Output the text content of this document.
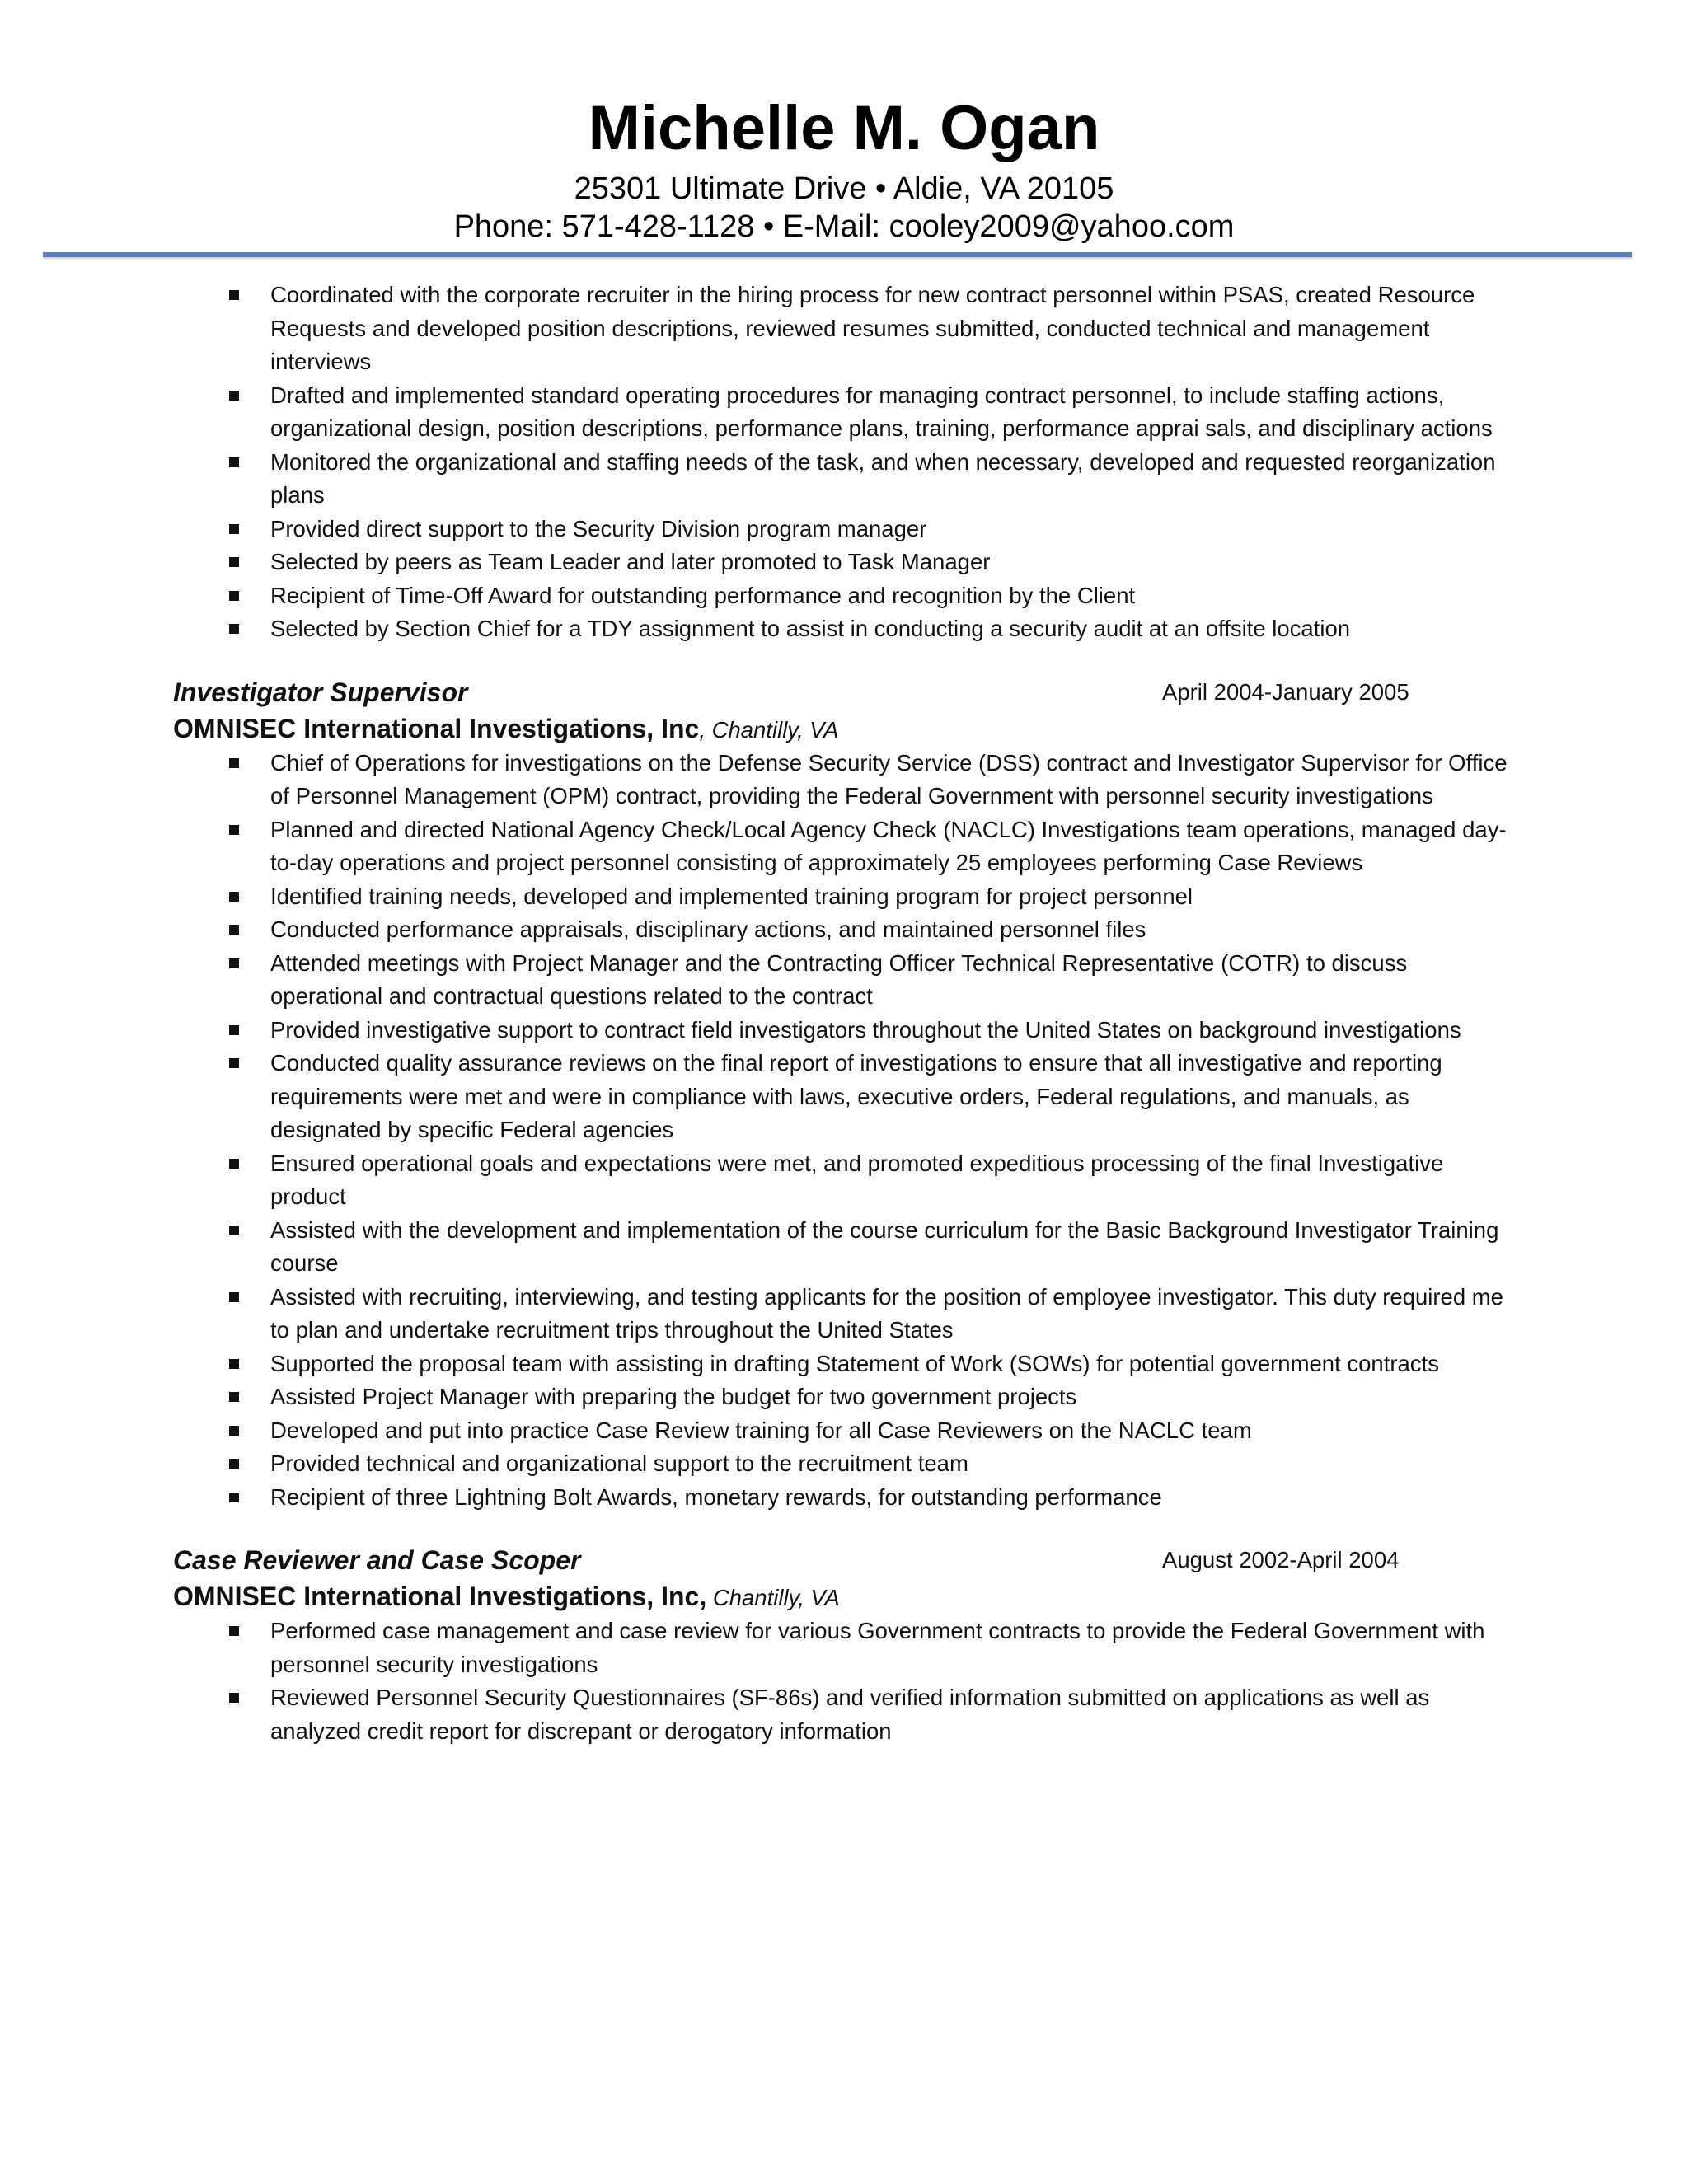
Michelle M. Ogan
25301 Ultimate Drive • Aldie, VA 20105
Phone: 571-428-1128 • E-Mail: cooley2009@yahoo.com
Coordinated with the corporate recruiter in the hiring process for new contract personnel within PSAS, created Resource Requests and developed position descriptions, reviewed resumes submitted, conducted technical and management interviews
Drafted and implemented standard operating procedures for managing contract personnel, to include staffing actions, organizational design, position descriptions, performance plans, training, performance apprai sals, and disciplinary actions
Monitored the organizational and staffing needs of the task, and when necessary, developed and requested reorganization plans
Provided direct support to the Security Division program manager
Selected by peers as Team Leader and later promoted to Task Manager
Recipient of Time-Off Award for outstanding performance and recognition by the Client
Selected by Section Chief for a TDY assignment to assist in conducting a security audit at an offsite location
Investigator Supervisor	April 2004-January 2005
OMNISEC International Investigations, Inc, Chantilly, VA
Chief of Operations for investigations on the Defense Security Service (DSS) contract and Investigator Supervisor for Office of Personnel Management (OPM) contract, providing the Federal Government with personnel security investigations
Planned and directed National Agency Check/Local Agency Check (NACLC) Investigations team operations, managed day-to-day operations and project personnel consisting of approximately 25 employees performing Case Reviews
Identified training needs, developed and implemented training program for project personnel
Conducted performance appraisals, disciplinary actions, and maintained personnel files
Attended meetings with Project Manager and the Contracting Officer Technical Representative (COTR) to discuss operational and contractual questions related to the contract
Provided investigative support to contract field investigators throughout the United States on background investigations
Conducted quality assurance reviews on the final report of investigations to ensure that all investigative and reporting requirements were met and were in compliance with laws, executive orders, Federal regulations, and manuals, as designated by specific Federal agencies
Ensured operational goals and expectations were met, and promoted expeditious processing of the final Investigative product
Assisted with the development and implementation of the course curriculum for the Basic Background Investigator Training course
Assisted with recruiting, interviewing, and testing applicants for the position of employee investigator. This duty required me to plan and undertake recruitment trips throughout the United States
Supported the proposal team with assisting in drafting Statement of Work (SOWs) for potential government contracts
Assisted Project Manager with preparing the budget for two government projects
Developed and put into practice Case Review training for all Case Reviewers on the NACLC team
Provided technical and organizational support to the recruitment team
Recipient of three Lightning Bolt Awards, monetary rewards, for outstanding performance
Case Reviewer and Case Scoper	August 2002-April 2004
OMNISEC International Investigations, Inc, Chantilly, VA
Performed case management and case review for various Government contracts to provide the Federal Government with personnel security investigations
Reviewed Personnel Security Questionnaires (SF-86s) and verified information submitted on applications as well as analyzed credit report for discrepant or derogatory information
